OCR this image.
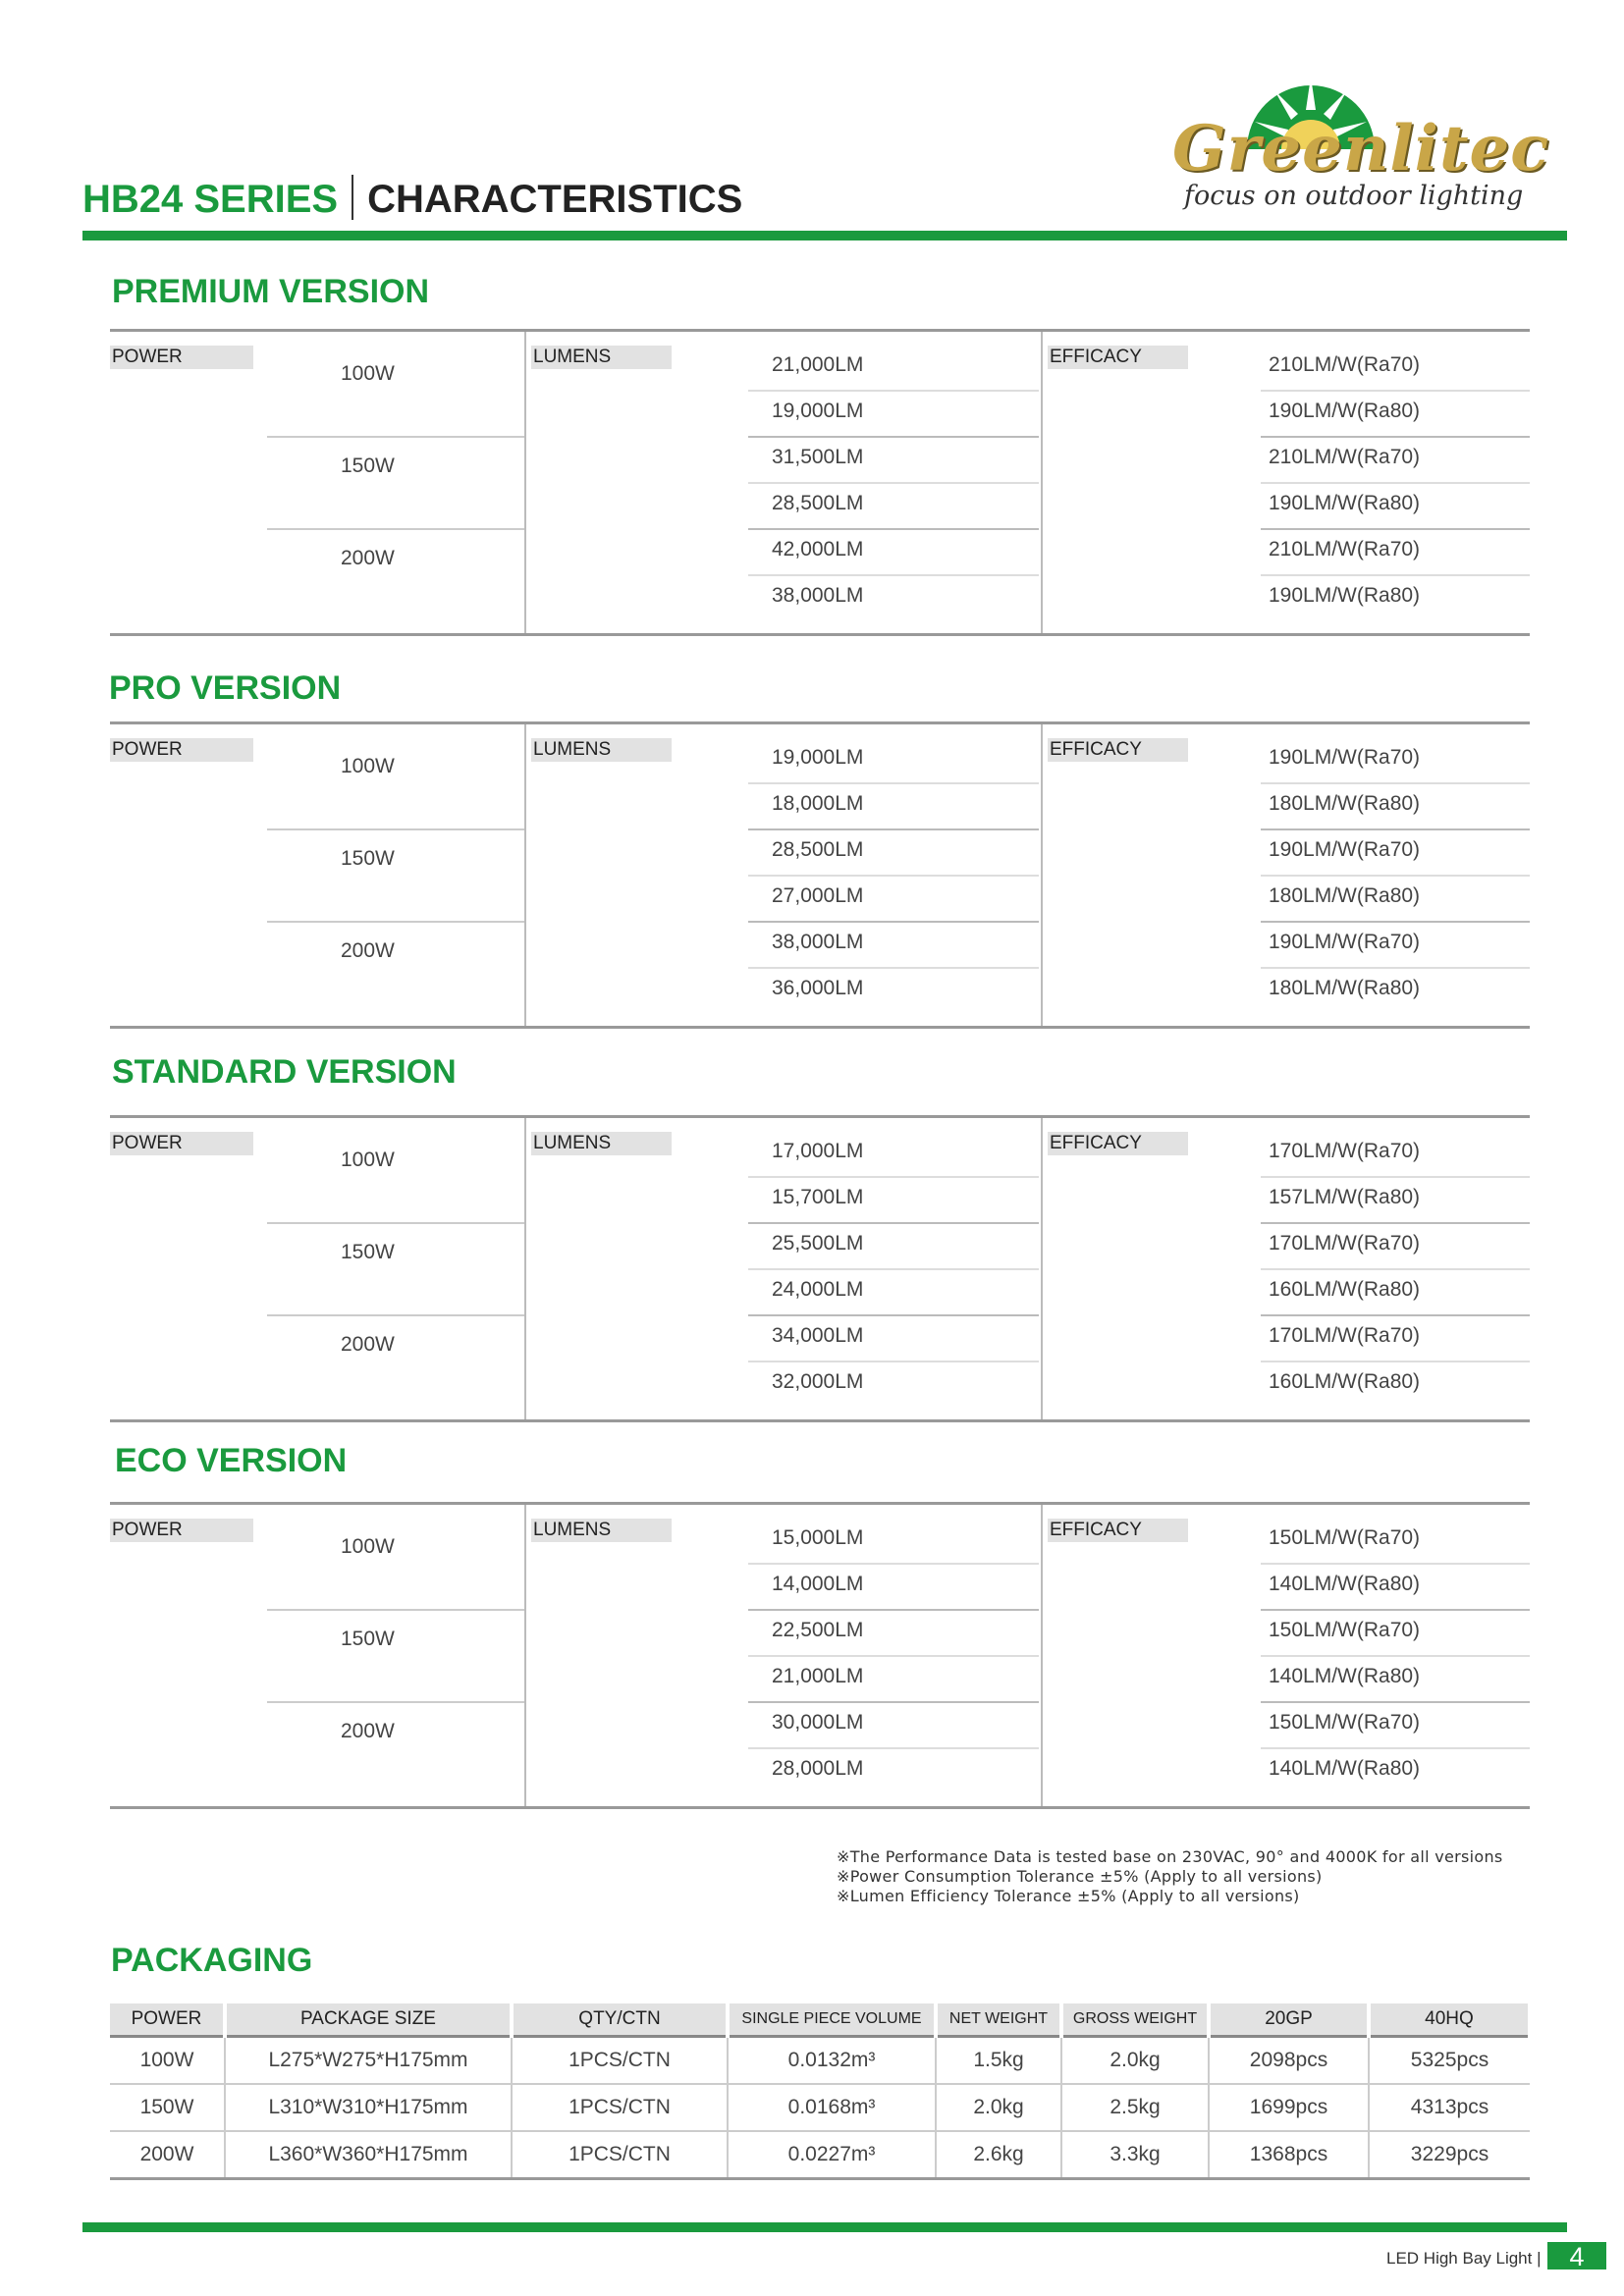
Greenlitec
focus on outdoor lighting
HB24 SERIES CHARACTERISTICS
PREMIUM VERSION
POWER	LUMENS	EFFICACY
100W	21,000LM	210LM/W(Ra70)
19,000LM	190LM/W(Ra80)
150W	31,500LM	210LM/W(Ra70)
28,500LM	190LM/W(Ra80)
200W	42,000LM	210LM/W(Ra70)
38,000LM	190LM/W(Ra80)
PRO VERSION
POWER	LUMENS	EFFICACY
100W	19,000LM	190LM/W(Ra70)
18,000LM	180LM/W(Ra80)
150W	28,500LM	190LM/W(Ra70)
27,000LM	180LM/W(Ra80)
200W	38,000LM	190LM/W(Ra70)
36,000LM	180LM/W(Ra80)
STANDARD VERSION
POWER	LUMENS	EFFICACY
100W	17,000LM	170LM/W(Ra70)
15,700LM	157LM/W(Ra80)
150W	25,500LM	170LM/W(Ra70)
24,000LM	160LM/W(Ra80)
200W	34,000LM	170LM/W(Ra70)
32,000LM	160LM/W(Ra80)
ECO VERSION
POWER	LUMENS	EFFICACY
100W	15,000LM	150LM/W(Ra70)
14,000LM	140LM/W(Ra80)
150W	22,500LM	150LM/W(Ra70)
21,000LM	140LM/W(Ra80)
200W	30,000LM	150LM/W(Ra70)
28,000LM	140LM/W(Ra80)
※The Performance Data is tested base on 230VAC, 90° and 4000K for all versions
※Power Consumption Tolerance ±5% (Apply to all versions)
※Lumen Efficiency Tolerance ±5% (Apply to all versions)
PACKAGING
POWER	PACKAGE SIZE	QTY/CTN	SINGLE PIECE VOLUME	NET WEIGHT	GROSS WEIGHT	20GP	40HQ
100W	L275*W275*H175mm	1PCS/CTN	0.0132m³	1.5kg	2.0kg	2098pcs	5325pcs
150W	L310*W310*H175mm	1PCS/CTN	0.0168m³	2.0kg	2.5kg	1699pcs	4313pcs
200W	L360*W360*H175mm	1PCS/CTN	0.0227m³	2.6kg	3.3kg	1368pcs	3229pcs
LED High Bay Light |	4
